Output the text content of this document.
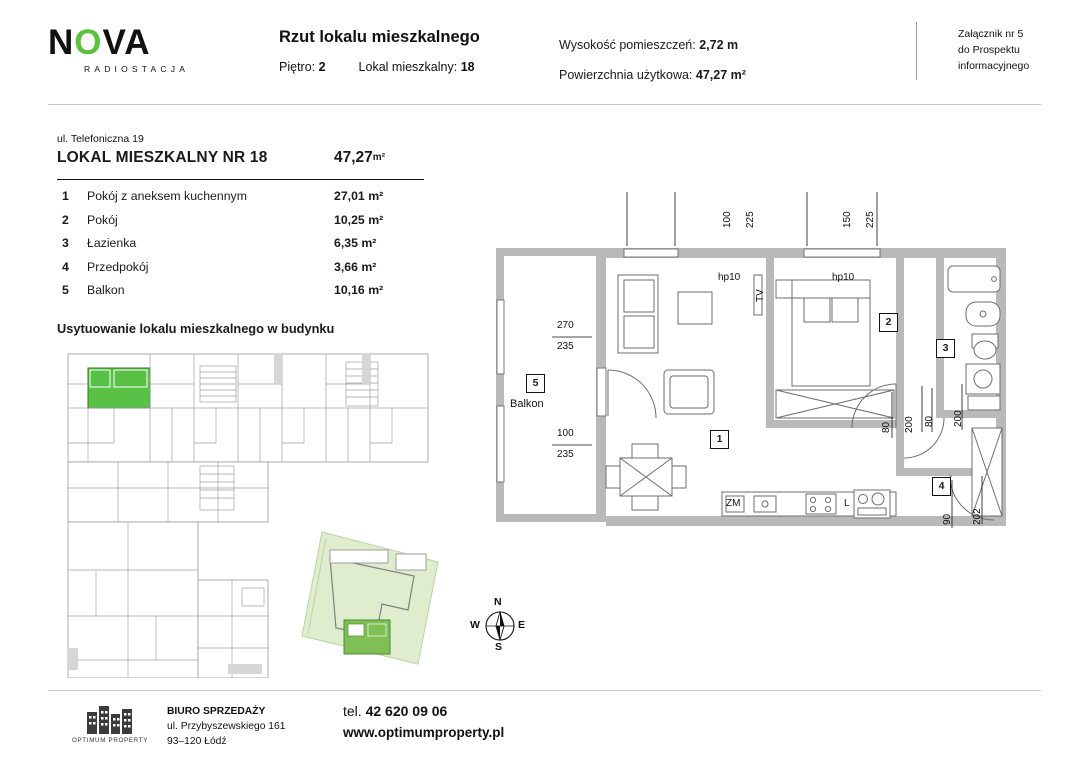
NOVA
RADIOSTACJA
Rzut lokalu mieszkalnego
Piętro: 2	Lokal mieszkalny: 18
Wysokość pomieszczeń: 2,72 m
Powierzchnia użytkowa: 47,27 m²
Załącznik nr 5
do Prospektu
informacyjnego
ul. Telefoniczna 19
LOKAL MIESZKALNY NR 18	$47,27^{m^2}$
1 Pokój z aneksem kuchennym	27,01 m²
2 Pokój	10,25 m²
3 Łazienka	6,35 m²
4 Przedpokój	3,66 m²
5 Balkon	10,16 m²
Usytuowanie lokalu mieszkalnego w budynku
N
S
W	E
100 225	150 225
hp10	hp10
270
235
100
235
80 200 80 200
90 202
TV
ZM	L
5
Balkon
1
2
3
4
OPTIMUM PROPERTY
BIURO SPRZEDAŻY
ul. Przybyszewskiego 161
93–120 Łódź
tel. 42 620 09 06
www.optimumproperty.pl
